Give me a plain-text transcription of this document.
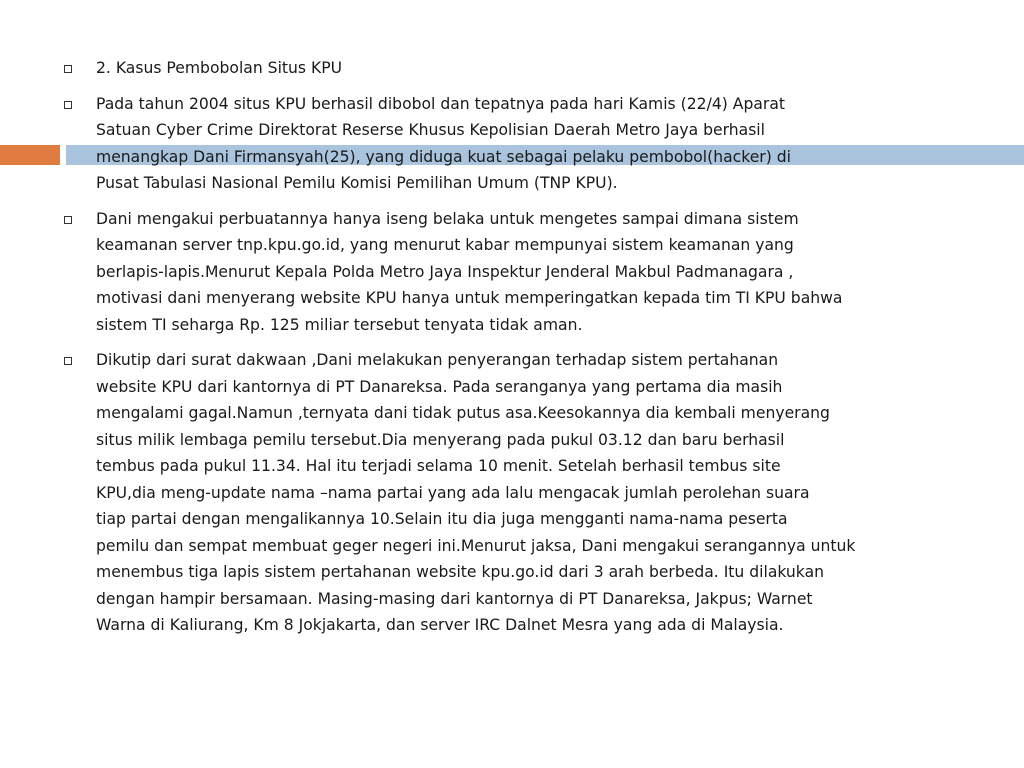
2. Kasus Pembobolan Situs KPU
Pada tahun 2004 situs KPU berhasil dibobol dan tepatnya pada hari Kamis (22/4) Aparat
Satuan Cyber Crime Direktorat Reserse Khusus Kepolisian Daerah Metro Jaya berhasil
menangkap Dani Firmansyah(25), yang diduga kuat sebagai pelaku pembobol(hacker) di
Pusat Tabulasi Nasional Pemilu Komisi Pemilihan Umum (TNP KPU).
Dani mengakui perbuatannya hanya iseng belaka untuk mengetes sampai dimana sistem
keamanan server tnp.kpu.go.id, yang menurut kabar mempunyai sistem keamanan yang
berlapis-lapis.Menurut Kepala Polda Metro Jaya Inspektur Jenderal Makbul Padmanagara ,
motivasi dani menyerang website KPU hanya untuk memperingatkan kepada tim TI KPU bahwa
sistem TI seharga Rp. 125 miliar tersebut tenyata tidak aman.
Dikutip dari surat dakwaan ,Dani melakukan penyerangan terhadap sistem pertahanan
website KPU dari kantornya di PT Danareksa. Pada seranganya yang pertama dia masih
mengalami gagal.Namun ,ternyata dani tidak putus asa.Keesokannya dia kembali menyerang
situs milik lembaga pemilu tersebut.Dia menyerang pada pukul 03.12 dan baru berhasil
tembus pada pukul 11.34. Hal itu terjadi selama 10 menit. Setelah berhasil tembus site
KPU,dia meng-update nama –nama partai yang ada lalu mengacak jumlah perolehan suara
tiap partai dengan mengalikannya 10.Selain itu dia juga mengganti nama-nama peserta
pemilu dan sempat membuat geger negeri ini.Menurut jaksa, Dani mengakui serangannya untuk
menembus tiga lapis sistem pertahanan website kpu.go.id dari 3 arah berbeda. Itu dilakukan
dengan hampir bersamaan. Masing-masing dari kantornya di PT Danareksa, Jakpus; Warnet
Warna di Kaliurang, Km 8 Jokjakarta, dan server IRC Dalnet Mesra yang ada di Malaysia.
